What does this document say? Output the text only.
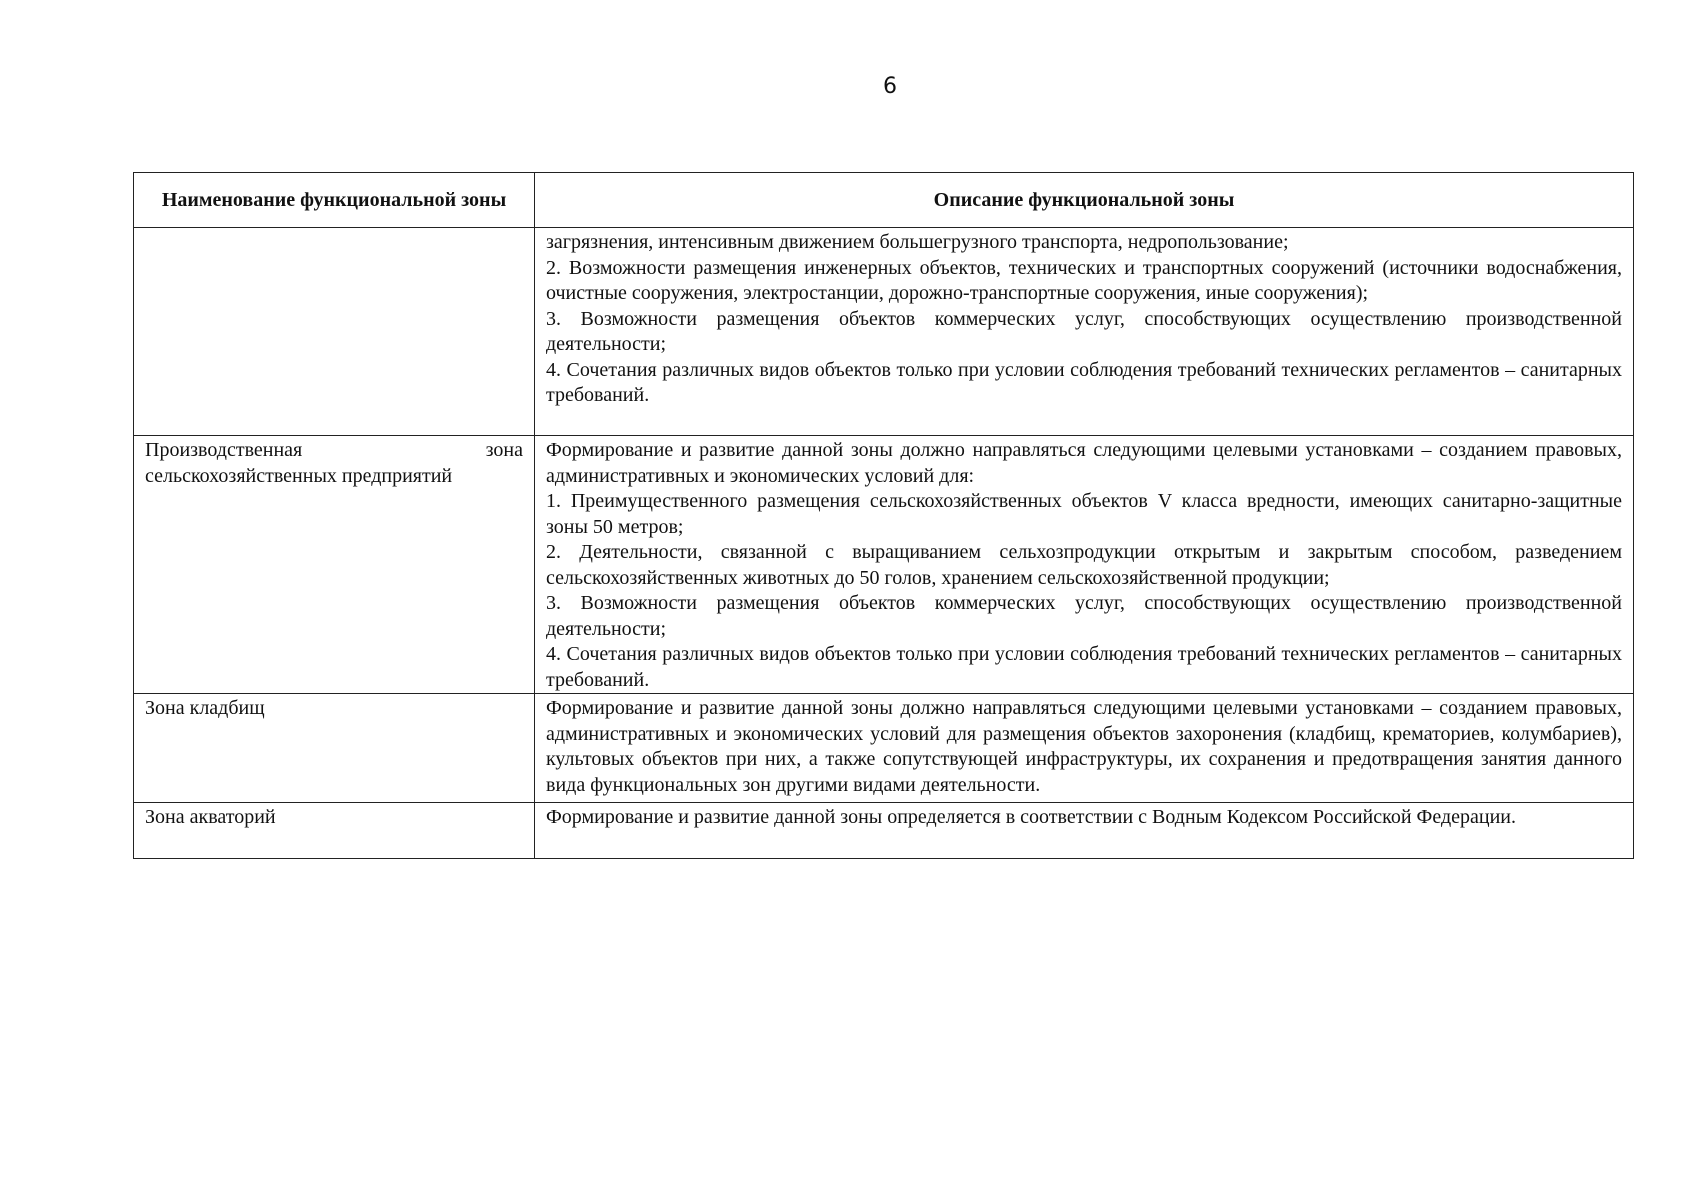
6
Наименование функциональной зоны	Описание функциональной зоны

	загрязнения, интенсивным движением большегрузного транспорта, недропользование;
2. Возможности размещения инженерных объектов, технических и транспортных сооружений (источники водоснабжения, очистные сооружения, электростанции, дорожно-транспортные сооружения, иные сооружения);
3. Возможности размещения объектов коммерческих услуг, способствующих осуществлению производственной деятельности;
4. Сочетания различных видов объектов только при условии соблюдения требований технических регламентов – санитарных требований.

Производственная зона сельскохозяйственных предприятий	Формирование и развитие данной зоны должно направляться следующими целевыми установками – созданием правовых, административных и экономических условий для:
1. Преимущественного размещения сельскохозяйственных объектов V класса вредности, имеющих санитарно-защитные зоны 50 метров;
2. Деятельности, связанной с выращиванием сельхозпродукции открытым и закрытым способом, разведением сельскохозяйственных животных до 50 голов, хранением сельскохозяйственной продукции;
3. Возможности размещения объектов коммерческих услуг, способствующих осуществлению производственной деятельности;
4. Сочетания различных видов объектов только при условии соблюдения требований технических регламентов – санитарных требований.

Зона кладбищ	Формирование и развитие данной зоны должно направляться следующими целевыми установками – созданием правовых, административных и экономических условий для размещения объектов захоронения (кладбищ, крематориев, колумбариев), культовых объектов при них, а также сопутствующей инфраструктуры, их сохранения и предотвращения занятия данного вида функциональных зон другими видами деятельности.

Зона акваторий	Формирование и развитие данной зоны определяется в соответствии с Водным Кодексом Российской Федерации.
